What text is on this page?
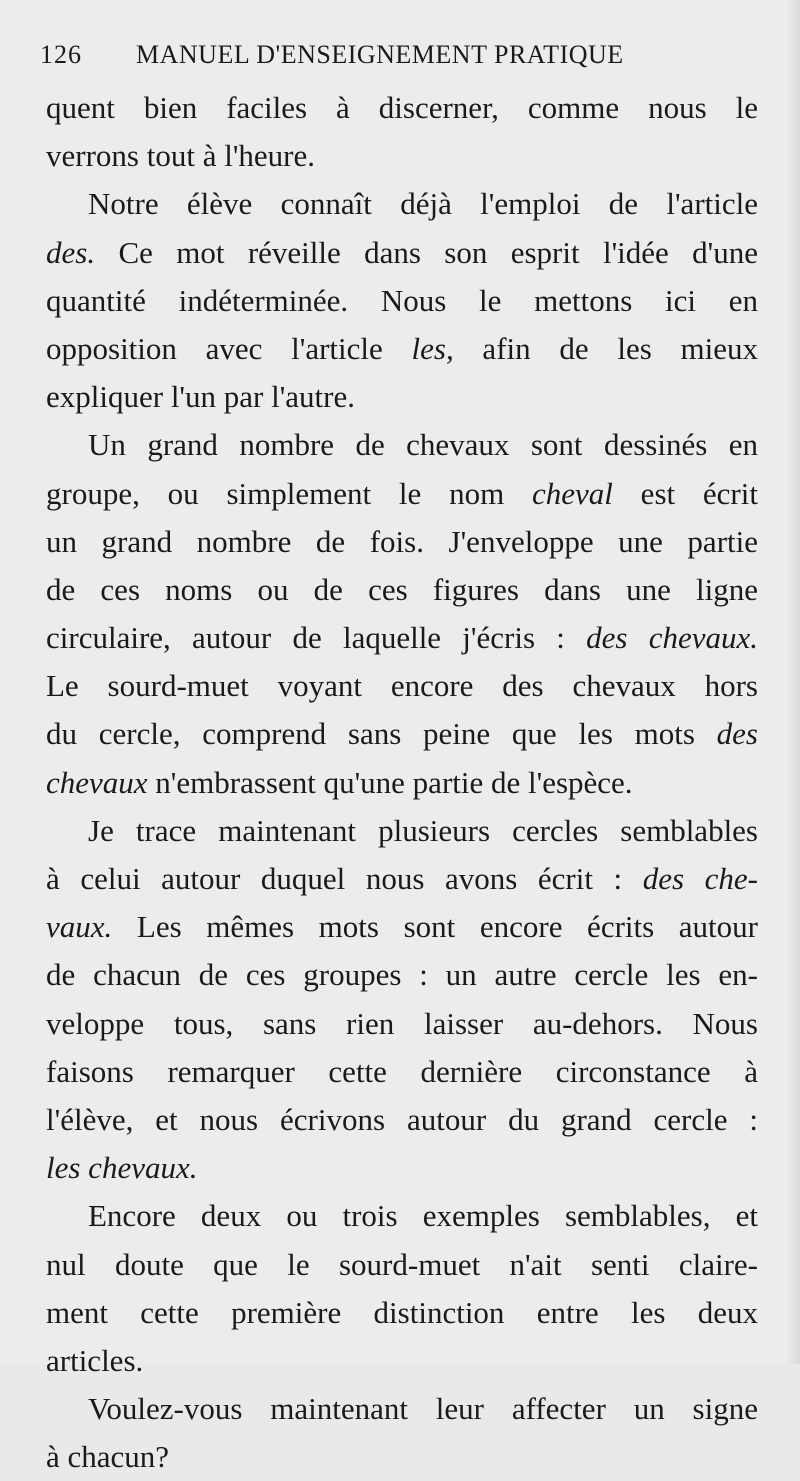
126 MANUEL D'ENSEIGNEMENT PRATIQUE
quent bien faciles à discerner, comme nous le
verrons tout à l'heure.
Notre élève connaît déjà l'emploi de l'article
des. Ce mot réveille dans son esprit l'idée d'une
quantité indéterminée. Nous le mettons ici en
opposition avec l'article les, afin de les mieux
expliquer l'un par l'autre.
Un grand nombre de chevaux sont dessinés en
groupe, ou simplement le nom cheval est écrit
un grand nombre de fois. J'enveloppe une partie
de ces noms ou de ces figures dans une ligne
circulaire, autour de laquelle j'écris : des chevaux.
Le sourd-muet voyant encore des chevaux hors
du cercle, comprend sans peine que les mots des
chevaux n'embrassent qu'une partie de l'espèce.
Je trace maintenant plusieurs cercles semblables
à celui autour duquel nous avons écrit : des che-
vaux. Les mêmes mots sont encore écrits autour
de chacun de ces groupes : un autre cercle les en-
veloppe tous, sans rien laisser au-dehors. Nous
faisons remarquer cette dernière circonstance à
l'élève, et nous écrivons autour du grand cercle :
les chevaux.
Encore deux ou trois exemples semblables, et
nul doute que le sourd-muet n'ait senti claire-
ment cette première distinction entre les deux
articles.
Voulez-vous maintenant leur affecter un signe
à chacun?
